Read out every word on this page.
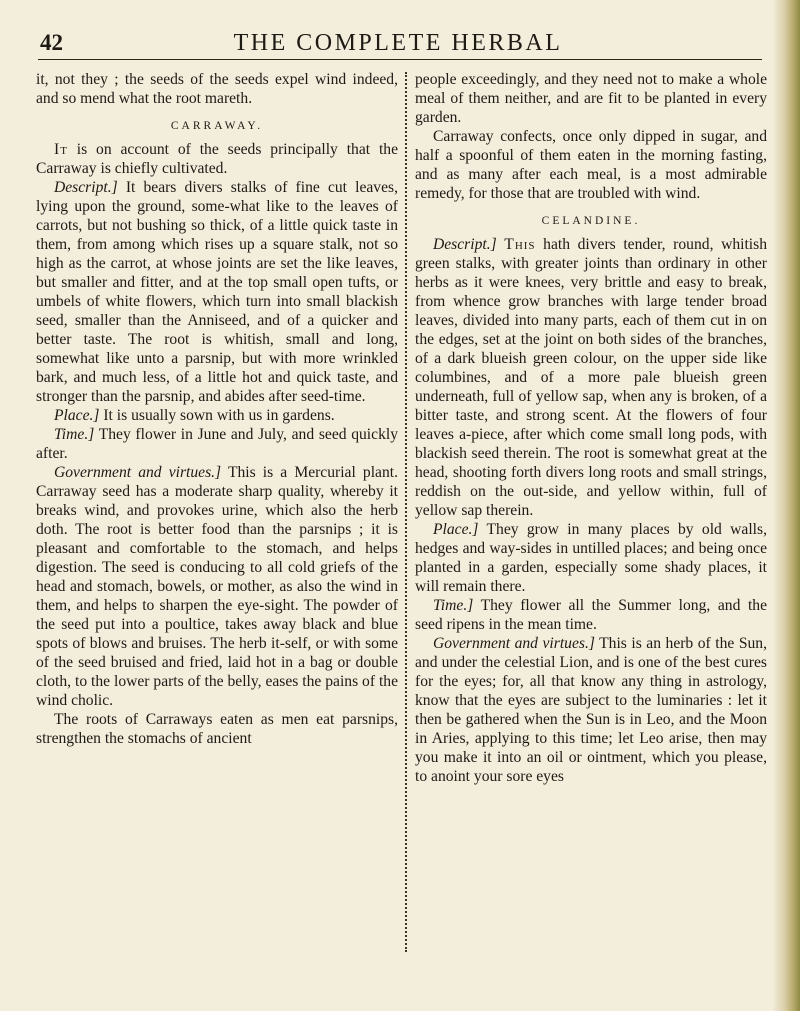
42	THE COMPLETE HERBAL

it, not they ; the seeds of the seeds expel wind indeed, and so mend what the root mareth.

CARRAWAY.

It is on account of the seeds principally that the Carraway is chiefly cultivated.

Descript.] It bears divers stalks of fine cut leaves, lying upon the ground, some-what like to the leaves of carrots, but not bushing so thick, of a little quick taste in them, from among which rises up a square stalk, not so high as the carrot, at whose joints are set the like leaves, but smaller and fitter, and at the top small open tufts, or umbels of white flowers, which turn into small blackish seed, smaller than the Anniseed, and of a quicker and better taste. The root is whitish, small and long, somewhat like unto a parsnip, but with more wrinkled bark, and much less, of a little hot and quick taste, and stronger than the parsnip, and abides after seed-time.

Place.] It is usually sown with us in gardens.

Time.] They flower in June and July, and seed quickly after.

Government and virtues.] This is a Mercurial plant. Carraway seed has a moderate sharp quality, whereby it breaks wind, and provokes urine, which also the herb doth. The root is better food than the parsnips ; it is pleasant and comfortable to the stomach, and helps digestion. The seed is conducing to all cold griefs of the head and stomach, bowels, or mother, as also the wind in them, and helps to sharpen the eye-sight. The powder of the seed put into a poultice, takes away black and blue spots of blows and bruises. The herb it-self, or with some of the seed bruised and fried, laid hot in a bag or double cloth, to the lower parts of the belly, eases the pains of the wind cholic.

The roots of Carraways eaten as men eat parsnips, strengthen the stomachs of ancient

people exceedingly, and they need not to make a whole meal of them neither, and are fit to be planted in every garden.

Carraway confects, once only dipped in sugar, and half a spoonful of them eaten in the morning fasting, and as many after each meal, is a most admirable remedy, for those that are troubled with wind.

CELANDINE.

Descript.] This hath divers tender, round, whitish green stalks, with greater joints than ordinary in other herbs as it were knees, very brittle and easy to break, from whence grow branches with large tender broad leaves, divided into many parts, each of them cut in on the edges, set at the joint on both sides of the branches, of a dark blueish green colour, on the upper side like columbines, and of a more pale blueish green underneath, full of yellow sap, when any is broken, of a bitter taste, and strong scent. At the flowers of four leaves a-piece, after which come small long pods, with blackish seed therein. The root is somewhat great at the head, shooting forth divers long roots and small strings, reddish on the out-side, and yellow within, full of yellow sap therein.

Place.] They grow in many places by old walls, hedges and way-sides in untilled places; and being once planted in a garden, especially some shady places, it will remain there.

Time.] They flower all the Summer long, and the seed ripens in the mean time.

Government and virtues.] This is an herb of the Sun, and under the celestial Lion, and is one of the best cures for the eyes; for, all that know any thing in astrology, know that the eyes are subject to the luminaries : let it then be gathered when the Sun is in Leo, and the Moon in Aries, applying to this time; let Leo arise, then may you make it into an oil or ointment, which you please, to anoint your sore eyes
